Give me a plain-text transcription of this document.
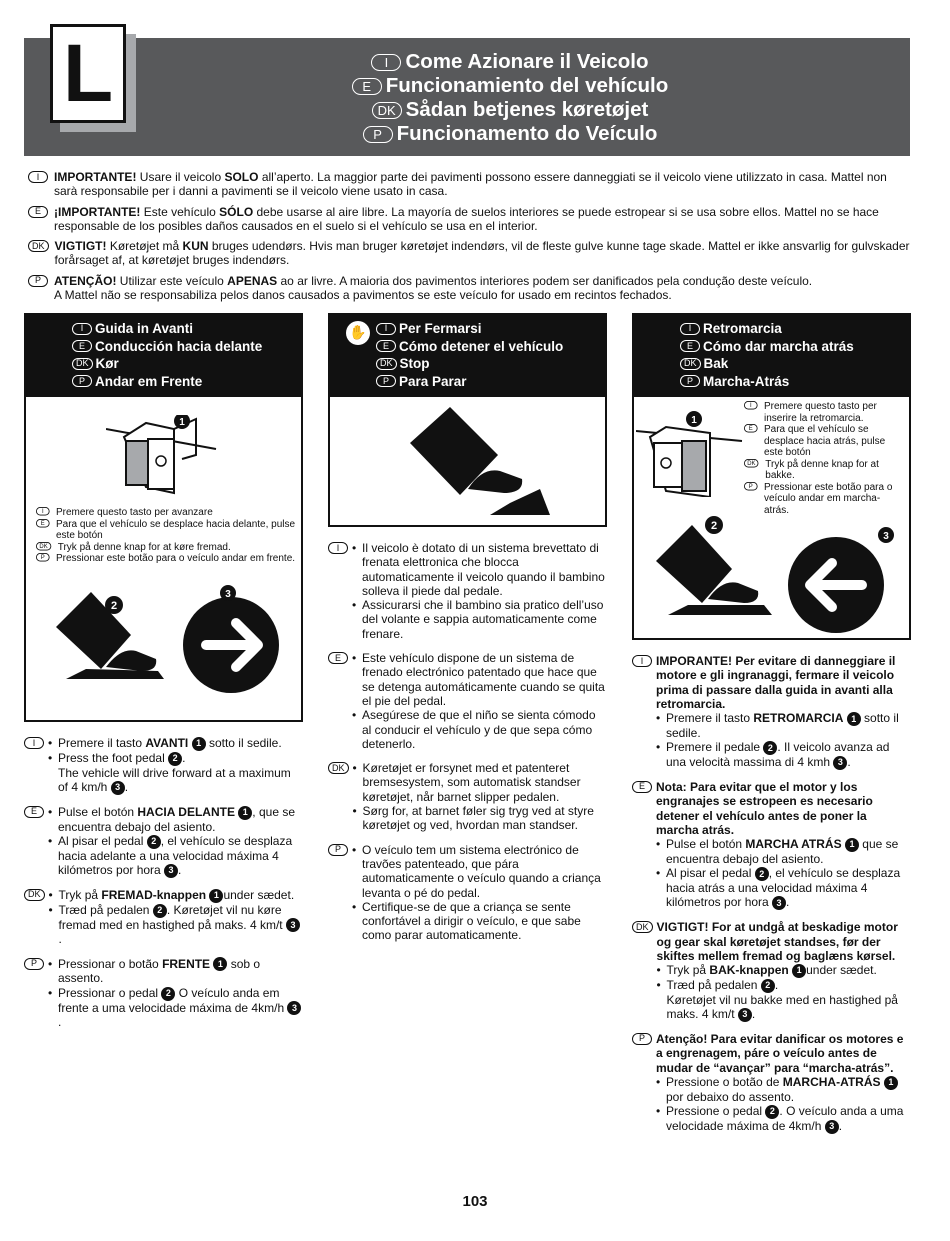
L	I Come Azionare il Veicolo
E Funcionamiento del vehículo
DK Sådan betjenes køretøjet
P Funcionamento do Veículo
I	IMPORTANTE! Usare il veicolo SOLO all’aperto. La maggior parte dei pavimenti possono essere danneggiati se il veicolo viene utilizzato in casa. Mattel non sarà responsabile per i danni a pavimenti se il veicolo viene usato in casa.

E	¡IMPORTANTE! Este vehículo SÓLO debe usarse al aire libre. La mayoría de suelos interiores se puede estropear si se usa sobre ellos. Mattel no se hace responsable de los posibles daños causados en el suelo si el vehículo se usa en el interior.

DK VIGTIGT! Køretøjet må KUN bruges udendørs. Hvis man bruger køretøjet indendørs, vil de fleste gulve kunne tage skade. Mattel er ikke ansvarlig for gulvskader forårsaget af, at køretøjet bruges indendørs.

P	ATENÇÃO! Utilizar este veículo APENAS ao ar livre. A maioria dos pavimentos interiores podem ser danificados pela condução deste veículo.
A Mattel não se responsabiliza pelos danos causados a pavimentos se este veículo for usado em recintos fechados.

I Guida in Avanti
E Conducción hacia delante
DK Kør
P Andar em Frente
1
I	Premere questo tasto per avanzare
E	Para que el vehículo se desplace hacia delante, pulse este botón
DK	Tryk på denne knap for at køre fremad.
P	Pressionar este botão para o veículo andar em frente.
2
3
I	• Premere il tasto AVANTI 1 sotto il sedile.
• Press the foot pedal 2 .
The vehicle will drive forward at a maximum of 4 km/h 3 .
E	• Pulse el botón HACIA DELANTE 1 , que se encuentra debajo del asiento.
• Al pisar el pedal 2 , el vehículo se desplaza hacia adelante a una velocidad máxima 4 kilómetros por hora 3 .
DK	• Tryk på FREMAD-knappen 1 under sædet.
• Træd på pedalen 2 . Køretøjet vil nu køre fremad med en hastighed på maks. 4 km/t 3.
P	• Pressionar o botão FRENTE 1 sob o assento.
• Pressionar o pedal 2 O veículo anda em frente a uma velocidade máxima de 4km/h 3.
✋	I Per Fermarsi
E Cómo detener el vehículo
DK Stop
P Para Parar
I	• Il veicolo è dotato di un sistema brevettato di frenata elettronica che blocca automaticamente il veicolo quando il bambino solleva il piede dal pedale.
• Assicurarsi che il bambino sia pratico dell’uso del volante e sappia automaticamente come frenare.
E	• Este vehículo dispone de un sistema de frenado electrónico patentado que hace que se detenga automáticamente cuando se quita el pie del pedal.
• Asegúrese de que el niño se sienta cómodo al conducir el vehículo y de que sepa cómo detenerlo.
DK	• Køretøjet er forsynet med et patenteret bremsesystem, som automatisk standser køretøjet, når barnet slipper pedalen.
• Sørg for, at barnet føler sig tryg ved at styre køretøjet og ved, hvordan man standser.
P	• O veículo tem um sistema electrónico de travões patenteado, que pára automaticamente o veículo quando a criança levanta o pé do pedal.
• Certifique-se de que a criança se sente confortável a dirigir o veículo, e que sabe como parar automaticamente.
I Retromarcia
E Cómo dar marcha atrás
DK Bak
P Marcha-Atrás
1
I	Premere questo tasto per inserire la retromarcia.
E	Para que el vehículo se desplace hacia atrás, pulse este botón
DK Tryk på denne knap for at bakke.
P	Pressionar este botão para o veículo andar em marcha-atrás.
2
3
I	IMPORANTE! Per evitare di danneggiare il motore e gli ingranaggi, fermare il veicolo prima di passare dalla guida in avanti alla retromarcia.
• Premere il tasto RETROMARCIA 1 sotto il sedile.
• Premere il pedale 2 . Il veicolo avanza ad una velocità massima di 4 kmh 3 .
E Nota: Para evitar que el motor y los engranajes se estropeen es necesario detener el vehículo antes de poner la marcha atrás.
• Pulse el botón MARCHA ATRÁS 1 que se encuentra debajo del asiento.
• Al pisar el pedal 2 , el vehículo se desplaza hacia atrás a una velocidad máxima 4 kilómetros por hora 3 .
DK VIGTIGT! For at undgå at beskadige motor og gear skal køretøjet standses, før der skiftes mellem fremad og baglæns kørsel.
• Tryk på BAK-knappen 1 under sædet.
• Træd på pedalen 2 .
Køretøjet vil nu bakke med en hastighed på maks. 4 km/t 3 .
P Atenção! Para evitar danificar os motores e a engrenagem, páre o veículo antes de mudar de “avançar” para “marcha-atrás”.
• Pressione o botão de MARCHA-ATRÁS 1 por debaixo do assento.
• Pressione o pedal 2 . O veículo anda a uma velocidade máxima de 4km/h 3 .
103
